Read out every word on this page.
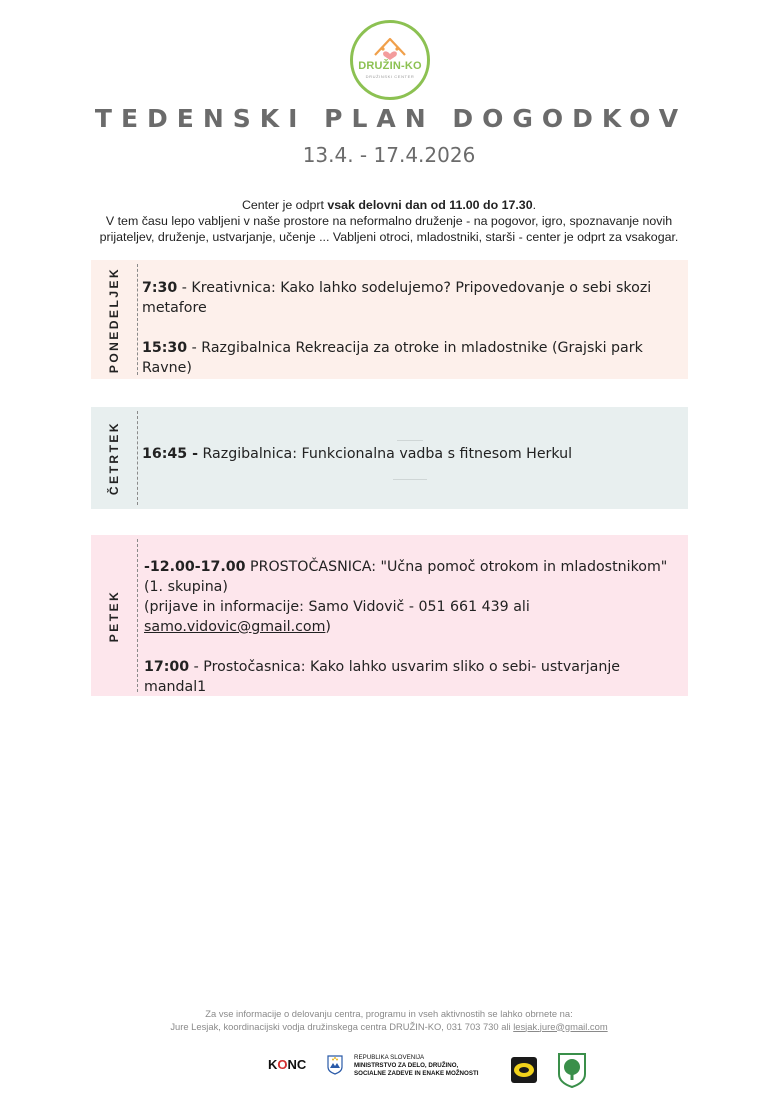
DRUŽIN-KO
DRUŽINSKI CENTER
TEDENSKI PLAN DOGODKOV
13.4. - 17.4.2026
Center je odprt vsak delovni dan od 11.00 do 17.30.
V tem času lepo vabljeni v naše prostore na neformalno druženje - na pogovor, igro, spoznavanje novih
prijateljev, druženje, ustvarjanje, učenje ... Vabljeni otroci, mladostniki, starši - center je odprt za vsakogar.
PONEDELJEK 7:30 - Kreativnica: Kako lahko sodelujemo? Pripovedovanje o sebi skozi metafore

15:30 - Razgibalnica Rekreacija za otroke in mladostnike (Grajski park Ravne)

ČETRTEK 16:45 - Razgibalnica: Funkcionalna vadba s fitnesom Herkul

PETEK

-12.00-17.00 PROSTOČASNICA: "Učna pomoč otrokom in mladostnikom" (1. skupina)

(prijave in informacije: Samo Vidovič - 051 661 439 ali
samo.vidovic@gmail.com)

17:00 - Prostočasnica: Kako lahko usvarim sliko o sebi- ustvarjanje mandal1

Za vse informacije o delovanju centra, programu in vseh aktivnostih se lahko obrnete na:
Jure Lesjak, koordinacijski vodja družinskega centra DRUŽIN-KO, 031 703 730 ali lesjak.jure@gmail.com
KONC	REPUBLIKA SLOVENIJA
MINISTRSTVO ZA DELO, DRUŽINO,
SOCIALNE ZADEVE IN ENAKE MOŽNOSTI
